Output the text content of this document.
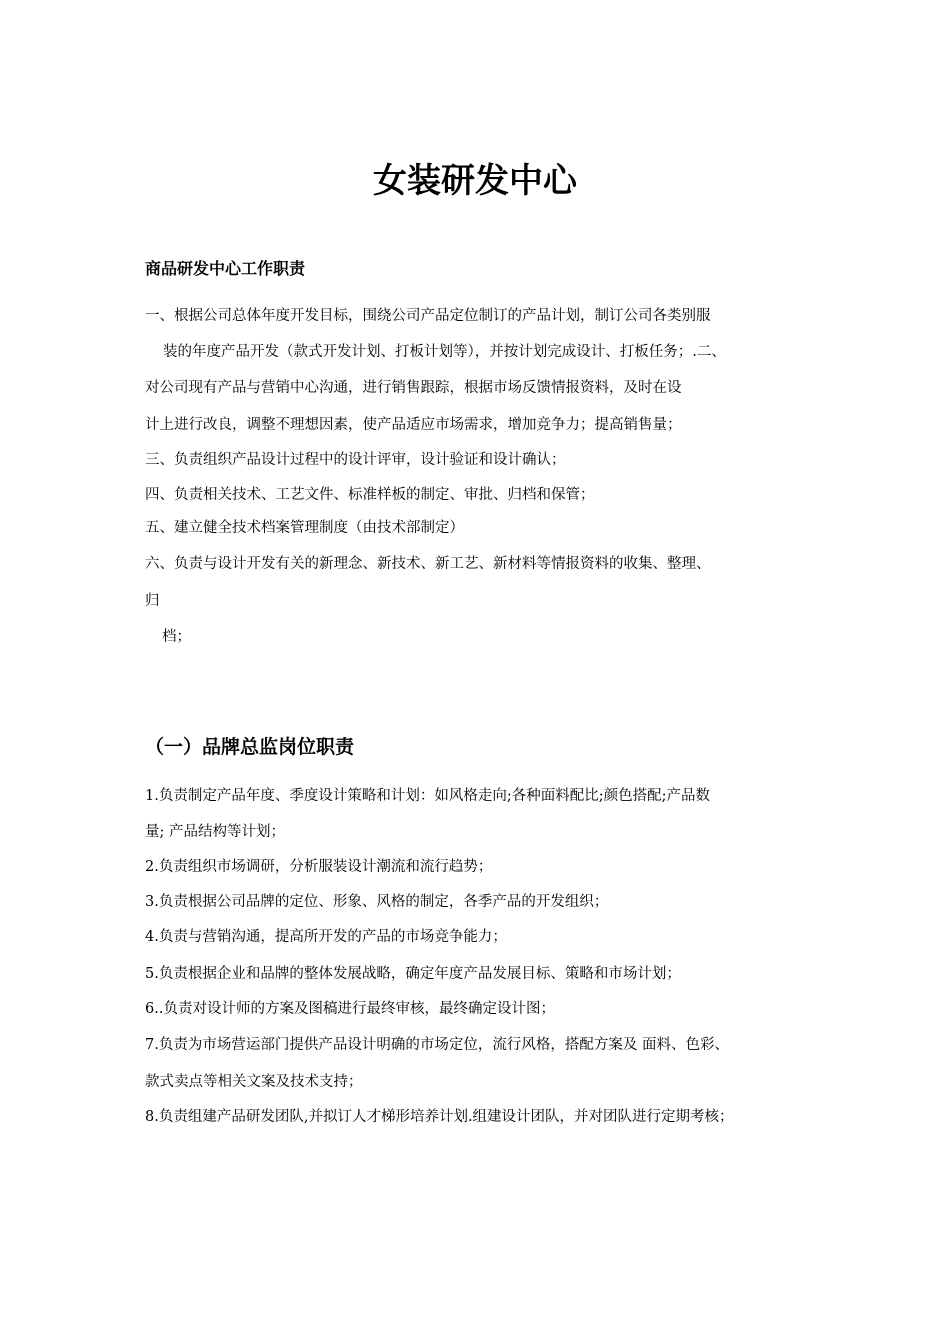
女装研发中心
商品研发中心工作职责
一、根据公司总体年度开发目标，围绕公司产品定位制订的产品计划，制订公司各类别服
装的年度产品开发（款式开发计划、打板计划等），并按计划完成设计、打板任务；.二、
对公司现有产品与营销中心沟通，进行销售跟踪，根据市场反馈情报资料，及时在设
计上进行改良，调整不理想因素，使产品适应市场需求，增加竞争力；提高销售量；
三、负责组织产品设计过程中的设计评审，设计验证和设计确认；
四、负责相关技术、工艺文件、标准样板的制定、审批、归档和保管；
五、建立健全技术档案管理制度（由技术部制定）
六、负责与设计开发有关的新理念、新技术、新工艺、新材料等情报资料的收集、整理、
归
档；
（一）品牌总监岗位职责
1.负责制定产品年度、季度设计策略和计划：如风格走向;各种面料配比;颜色搭配;产品数
量; 产品结构等计划；
2.负责组织市场调研，分析服装设计潮流和流行趋势；
3.负责根据公司品牌的定位、形象、风格的制定，各季产品的开发组织；
4.负责与营销沟通，提高所开发的产品的市场竞争能力；
5.负责根据企业和品牌的整体发展战略，确定年度产品发展目标、策略和市场计划；
6..负责对设计师的方案及图稿进行最终审核，最终确定设计图；
7.负责为市场营运部门提供产品设计明确的市场定位，流行风格，搭配方案及 面料、色彩、
款式卖点等相关文案及技术支持；
8.负责组建产品研发团队,并拟订人才梯形培养计划.组建设计团队，并对团队进行定期考核；
